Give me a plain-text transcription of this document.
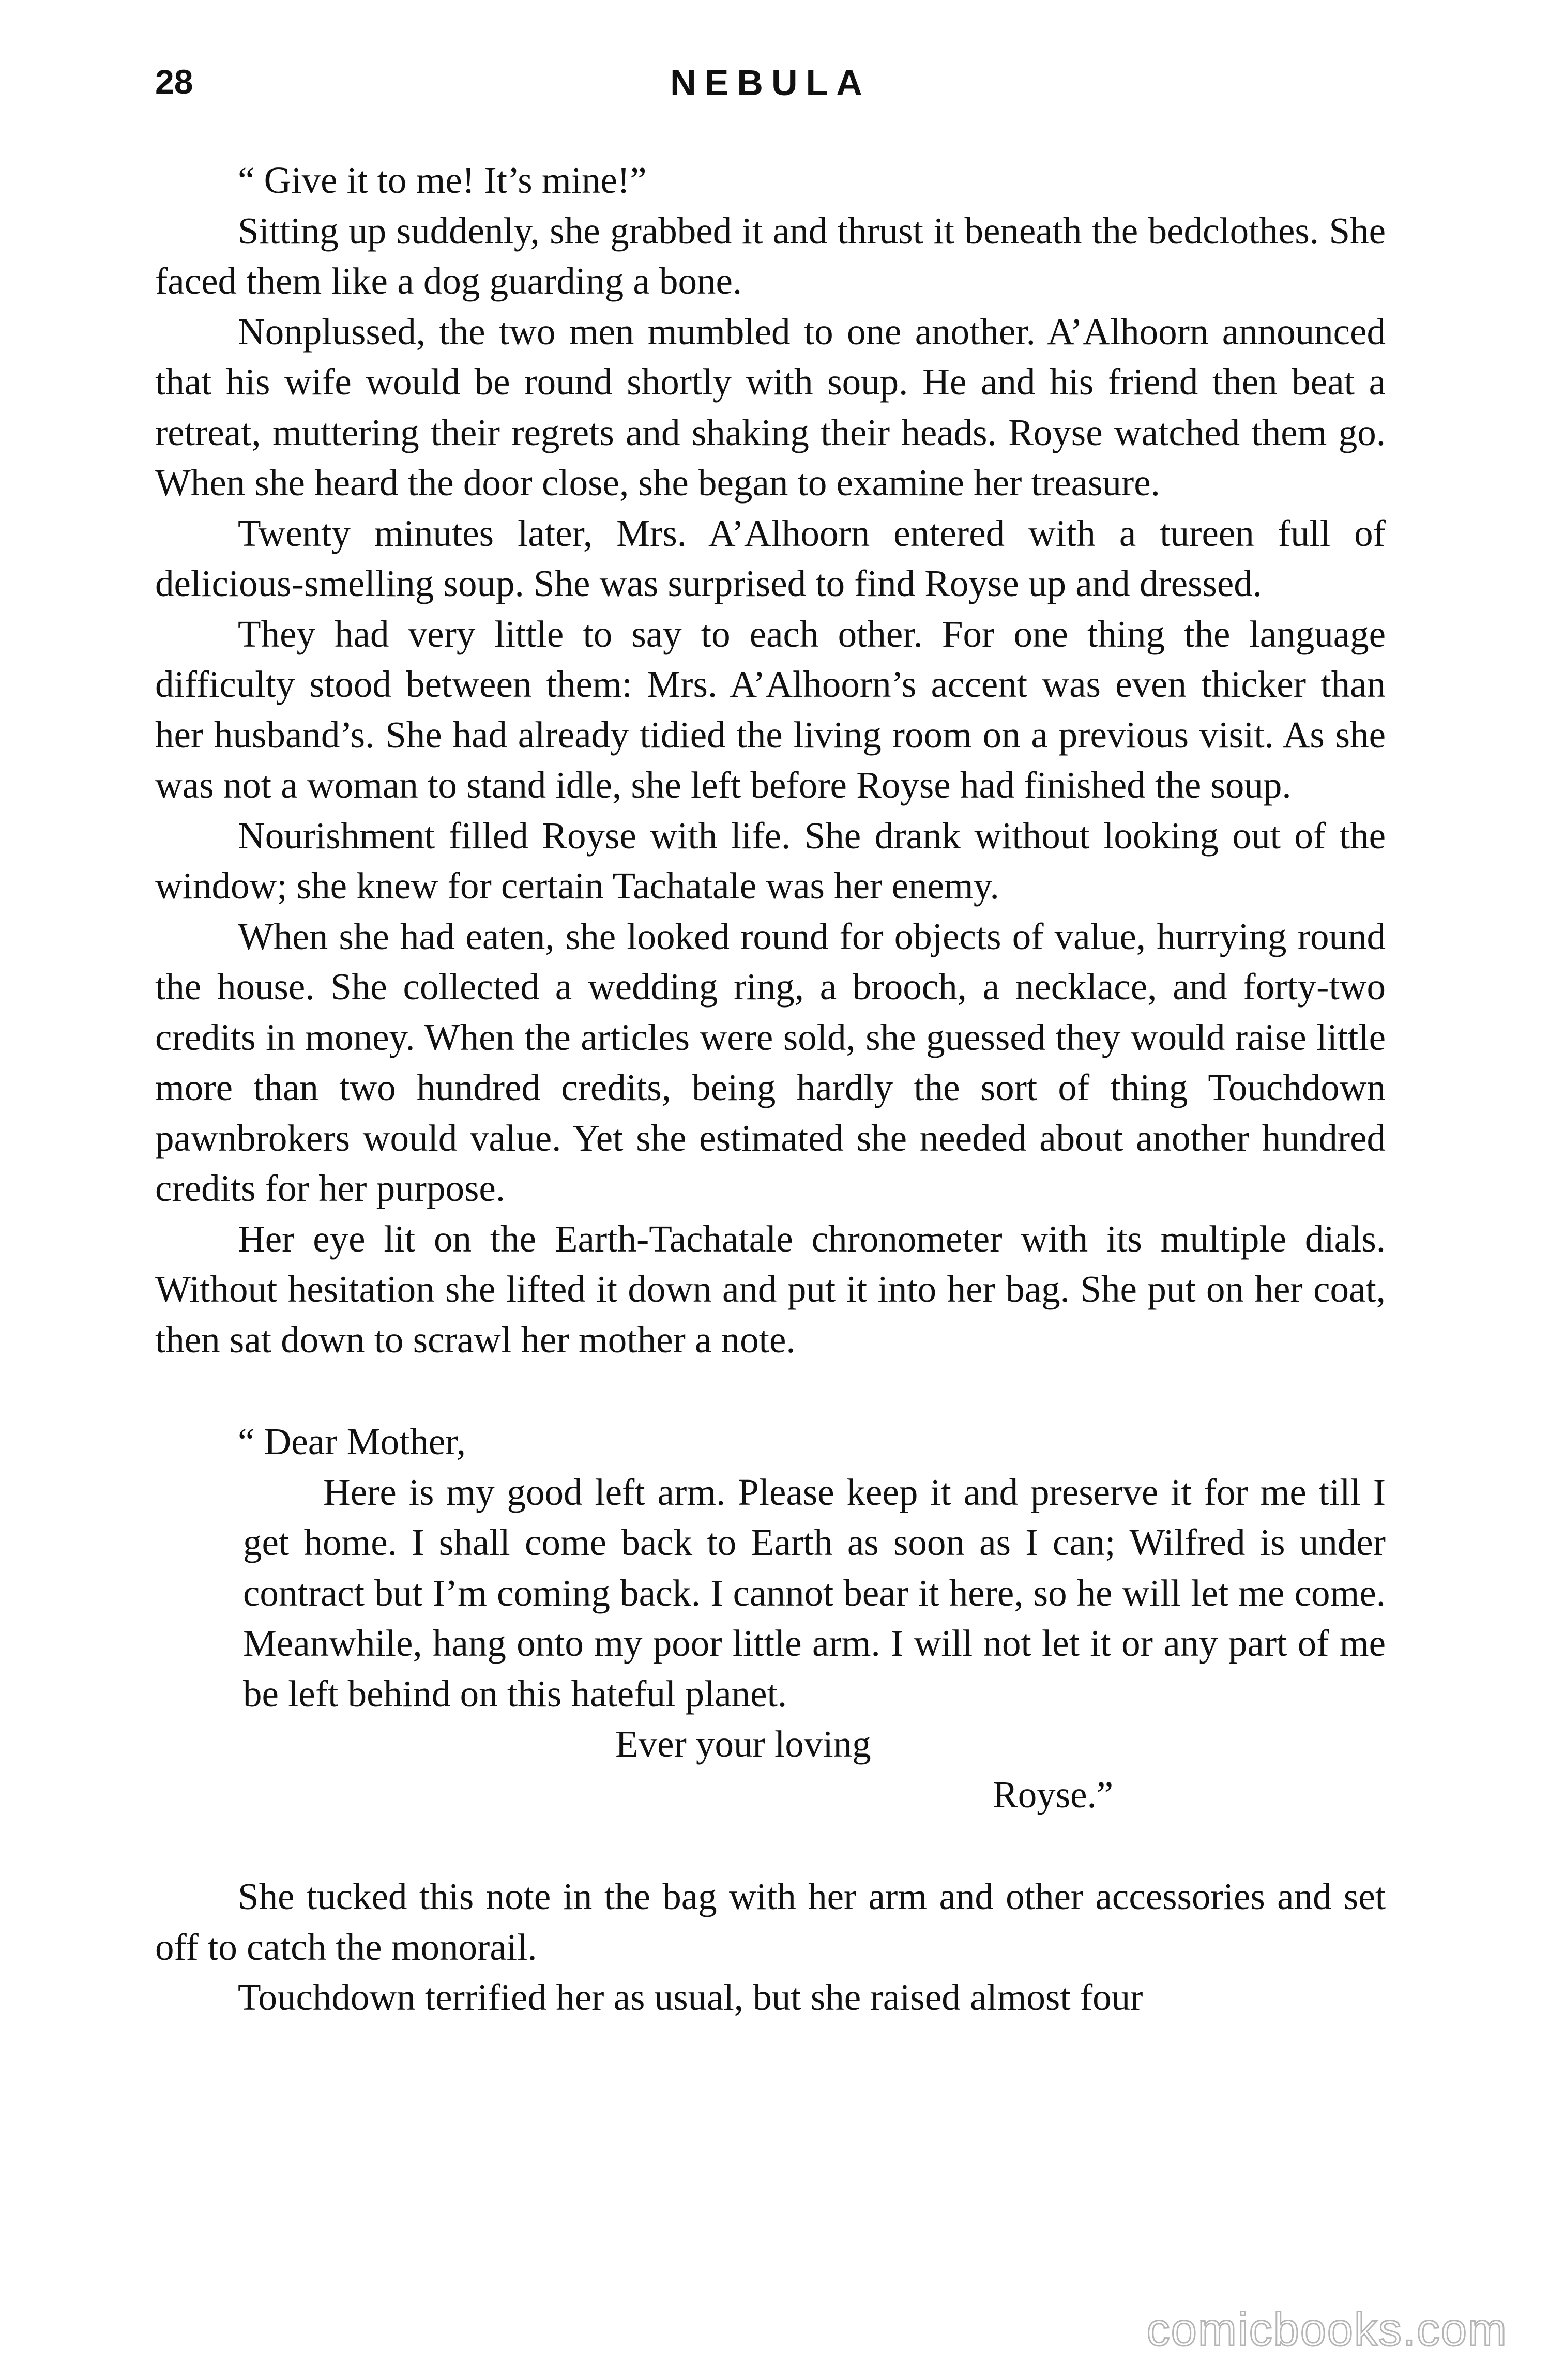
28	NEBULA

“ Give it to me! It’s mine!”

Sitting up suddenly, she grabbed it and thrust it beneath the bedclothes. She faced them like a dog guarding a bone.

Nonplussed, the two men mumbled to one another. A’Alhoorn announced that his wife would be round shortly with soup. He and his friend then beat a retreat, muttering their regrets and shaking their heads. Royse watched them go. When she heard the door close, she began to examine her treasure.

Twenty minutes later, Mrs. A’Alhoorn entered with a tureen full of delicious-smelling soup. She was surprised to find Royse up and dressed.

They had very little to say to each other. For one thing the language difficulty stood between them: Mrs. A’Alhoorn’s accent was even thicker than her husband’s. She had already tidied the living room on a previous visit. As she was not a woman to stand idle, she left before Royse had finished the soup.

Nourishment filled Royse with life. She drank without looking out of the window; she knew for certain Tachatale was her enemy.

When she had eaten, she looked round for objects of value, hurrying round the house. She collected a wedding ring, a brooch, a necklace, and forty-two credits in money. When the articles were sold, she guessed they would raise little more than two hundred credits, being hardly the sort of thing Touchdown pawnbrokers would value. Yet she estimated she needed about another hundred credits for her purpose.

Her eye lit on the Earth-Tachatale chronometer with its multiple dials. Without hesitation she lifted it down and put it into her bag. She put on her coat, then sat down to scrawl her mother a note.

“ Dear Mother,

Here is my good left arm. Please keep it and preserve it for me till I get home. I shall come back to Earth as soon as I can; Wilfred is under contract but I’m coming back. I cannot bear it here, so he will let me come. Meanwhile, hang onto my poor little arm. I will not let it or any part of me be left behind on this hateful planet.

Ever your loving

Royse.”

She tucked this note in the bag with her arm and other accessories and set off to catch the monorail.

Touchdown terrified her as usual, but she raised almost four

comicbooks.com
